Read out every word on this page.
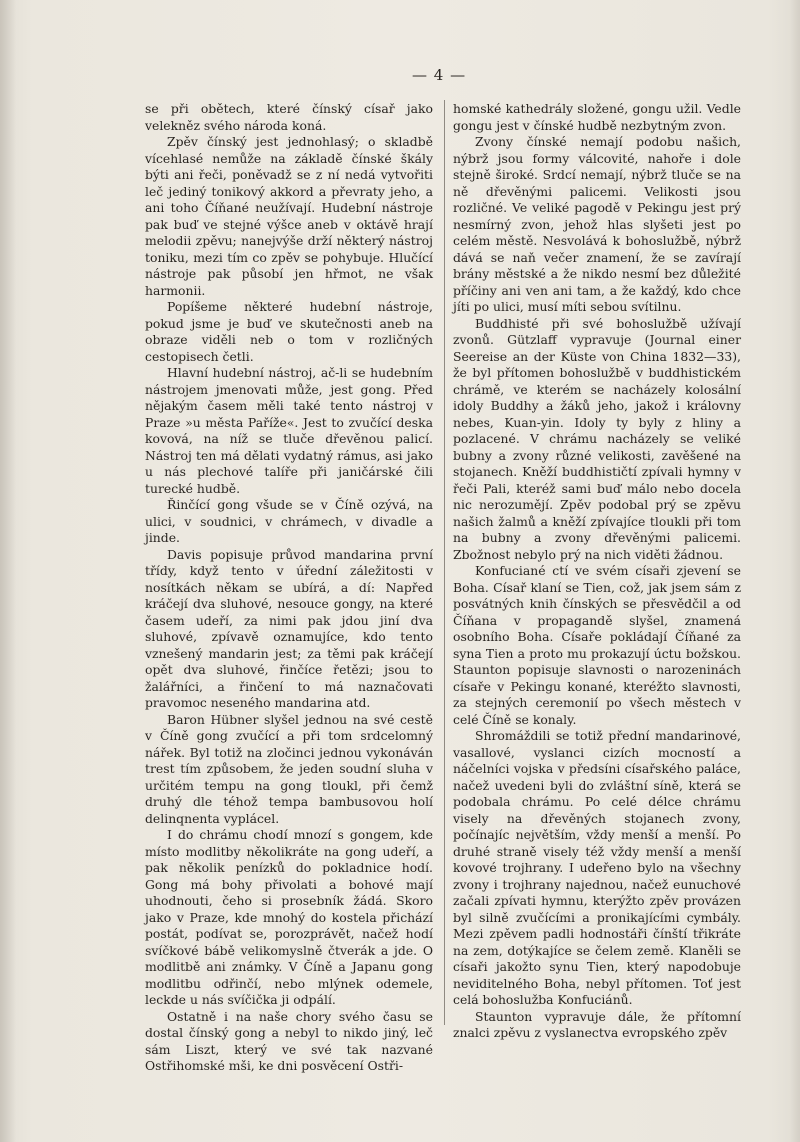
— 4 —

se při obětech, které čínský císař jako velekněz svého národa koná.

Zpěv čínský jest jednohlasý; o skladbě vícehlasé nemůže na základě čínské škály býti ani řeči, poněvadž se z ní nedá vytvořiti leč jediný tonikový akkord a převraty jeho, a ani toho Číňané neužívají. Hudební nástroje pak buď ve stejné výšce aneb v oktávě hrají melodii zpěvu; nanejvýše drží některý nástroj toniku, mezi tím co zpěv se pohybuje. Hlučící nástroje pak působí jen hřmot, ne však harmonii.

Popíšeme některé hudební nástroje, pokud jsme je buď ve skutečnosti aneb na obraze viděli neb o tom v rozličných cestopisech četli.

Hlavní hudební nástroj, ač-li se hudebním nástrojem jmenovati může, jest gong. Před nějakým časem měli také tento nástroj v Praze »u města Paříže«. Jest to zvučící deska kovová, na níž se tluče dřevěnou palicí. Nástroj ten má dělati vydatný rámus, asi jako u nás plechové talíře při janičárské čili turecké hudbě.

Řinčící gong všude se v Číně ozývá, na ulici, v soudnici, v chrámech, v divadle a jinde.

Davis popisuje průvod mandarina první třídy, když tento v úřední záležitosti v nosítkách někam se ubírá, a dí: Napřed kráčejí dva sluhové, nesouce gongy, na které časem udeří, za nimi pak jdou jiní dva sluhové, zpívavě oznamujíce, kdo tento vznešený mandarin jest; za těmi pak kráčejí opět dva sluhové, řinčíce řetězi; jsou to žalářníci, a řinčení to má naznačovati pravomoc neseného mandarina atd.

Baron Hübner slyšel jednou na své cestě v Číně gong zvučící a při tom srdcelomný nářek. Byl totiž na zločinci jednou vykonáván trest tím způsobem, že jeden soudní sluha v určitém tempu na gong tloukl, při čemž druhý dle téhož tempa bambusovou holí delinqnenta vyplácel.

I do chrámu chodí mnozí s gongem, kde místo modlitby několikráte na gong udeří, a pak několik penízků do pokladnice hodí. Gong má bohy přivolati a bohové mají uhodnouti, čeho si prosebník žádá. Skoro jako v Praze, kde mnohý do kostela přichází postát, podívat se, porozprávět, načež hodí svíčkové bábě velikomyslně čtverák a jde. O modlitbě ani známky. V Číně a Japanu gong modlitbu odřinčí, nebo mlýnek odemele, leckde u nás svíčička ji odpálí.

Ostatně i na naše chory svého času se dostal čínský gong a nebyl to nikdo jiný, leč sám Liszt, který ve své tak nazvané Ostřihomské mši, ke dni posvěcení Ostři-

homské kathedrály složené, gongu užil. Vedle gongu jest v čínské hudbě nezbytným zvon.

Zvony čínské nemají podobu našich, nýbrž jsou formy válcovité, nahoře i dole stejně široké. Srdcí nemají, nýbrž tluče se na ně dřevěnými palicemi. Velikosti jsou rozličné. Ve veliké pagodě v Pekingu jest prý nesmírný zvon, jehož hlas slyšeti jest po celém městě. Nesvolává k bohoslužbě, nýbrž dává se naň večer znamení, že se zavírají brány městské a že nikdo nesmí bez důležité příčiny ani ven ani tam, a že každý, kdo chce jíti po ulici, musí míti sebou svítilnu.

Buddhisté při své bohoslužbě užívají zvonů. Gützlaff vypravuje (Journal einer Seereise an der Küste von China 1832—33), že byl přítomen bohoslužbě v buddhistickém chrámě, ve kterém se nacházely kolosální idoly Buddhy a žáků jeho, jakož i královny nebes, Kuan-yin. Idoly ty byly z hliny a pozlacené. V chrámu nacházely se veliké bubny a zvony různé velikosti, zavěšené na stojanech. Kněží buddhističtí zpívali hymny v řeči Pali, kteréž sami buď málo nebo docela nic nerozumějí. Zpěv podobal prý se zpěvu našich žalmů a kněží zpívajíce tloukli při tom na bubny a zvony dřevěnými palicemi. Zbožnost nebylo prý na nich viděti žádnou.

Konfuciané ctí ve svém císaři zjevení se Boha. Císař klaní se Tien, což, jak jsem sám z posvátných knih čínských se přesvědčil a od Číňana v propagandě slyšel, znamená osobního Boha. Císaře pokládají Číňané za syna Tien a proto mu prokazují úctu božskou. Staunton popisuje slavnosti o narozeninách císaře v Pekingu konané, kteréžto slavnosti, za stejných ceremonií po všech městech v celé Číně se konaly.

Shromáždili se totiž přední mandarinové, vasallové, vyslanci cizích mocností a náčelníci vojska v předsíni císařského paláce, načež uvedeni byli do zvláštní síně, která se podobala chrámu. Po celé délce chrámu visely na dřevěných stojanech zvony, počínajíc největším, vždy menší a menší. Po druhé straně visely též vždy menší a menší kovové trojhrany. I udeřeno bylo na všechny zvony i trojhrany najednou, načež eunuchové začali zpívati hymnu, kterýžto zpěv provázen byl silně zvučícími a pronikajícími cymbály. Mezi zpěvem padli hodnostáři čínští třikráte na zem, dotýkajíce se čelem země. Klaněli se císaři jakožto synu Tien, který napodobuje neviditelného Boha, nebyl přítomen. Toť jest celá bohoslužba Konfuciánů.

Staunton vypravuje dále, že přítomní znalci zpěvu z vyslanectva evropského zpěv
